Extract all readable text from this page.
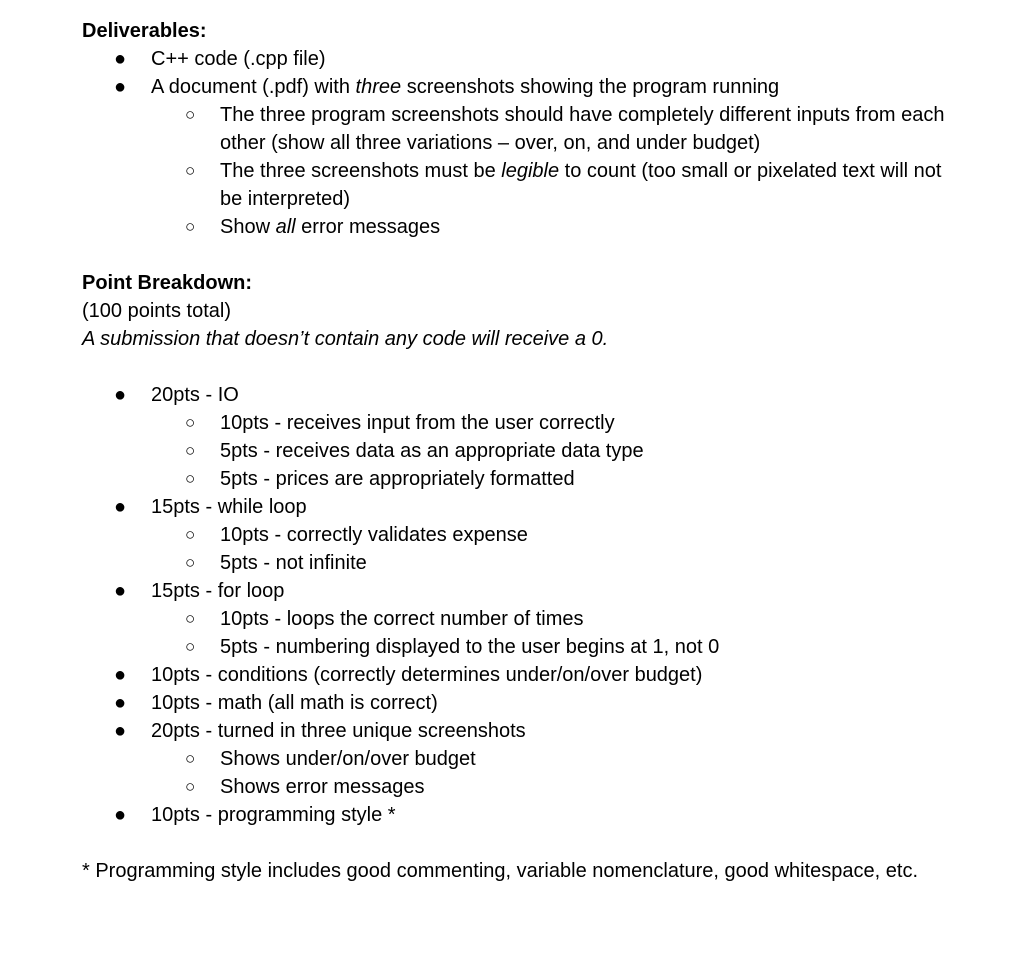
Deliverables:
● C++ code (.cpp file)
● A document (.pdf) with three screenshots showing the program running
○ The three program screenshots should have completely different inputs from each other (show all three variations – over, on, and under budget)
○ The three screenshots must be legible to count (too small or pixelated text will not be interpreted)
○ Show all error messages
Point Breakdown:
(100 points total)
A submission that doesn’t contain any code will receive a 0.
● 20pts - IO
○ 10pts - receives input from the user correctly
○ 5pts - receives data as an appropriate data type
○ 5pts - prices are appropriately formatted
● 15pts - while loop
○ 10pts - correctly validates expense
○ 5pts - not infinite
● 15pts - for loop
○ 10pts - loops the correct number of times
○ 5pts - numbering displayed to the user begins at 1, not 0
● 10pts - conditions (correctly determines under/on/over budget)
● 10pts - math (all math is correct)
● 20pts - turned in three unique screenshots
○ Shows under/on/over budget
○ Shows error messages
● 10pts - programming style *
* Programming style includes good commenting, variable nomenclature, good whitespace, etc.
